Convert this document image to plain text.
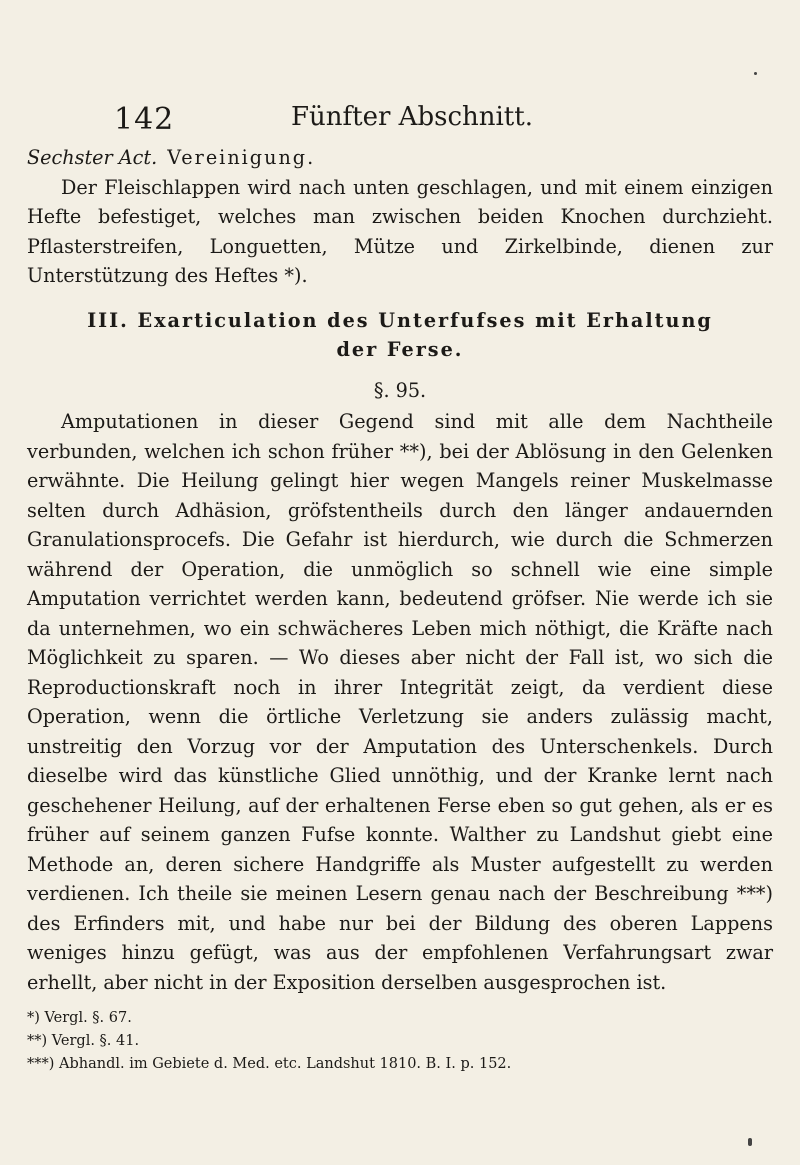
142	Fünfter Abschnitt.

Sechster Act. Vereinigung.

Der Fleischlappen wird nach unten geschlagen, und mit einem einzigen Hefte befestiget, welches man zwischen beiden Knochen durchzieht. Pflasterstreifen, Longuetten, Mütze und Zirkelbinde, dienen zur Unterstützung des Heftes *).

III. Exarticulation des Unterfufses mit Erhaltung
der Ferse.
§. 95.

Amputationen in dieser Gegend sind mit alle dem Nachtheile verbunden, welchen ich schon früher **), bei der Ablösung in den Gelenken erwähnte. Die Heilung gelingt hier wegen Mangels reiner Muskelmasse selten durch Adhäsion, gröfstentheils durch den länger andauernden Granulationsprocefs. Die Gefahr ist hierdurch, wie durch die Schmerzen während der Operation, die unmöglich so schnell wie eine simple Amputation verrichtet werden kann, bedeutend gröfser. Nie werde ich sie da unternehmen, wo ein schwächeres Leben mich nöthigt, die Kräfte nach Möglichkeit zu sparen. — Wo dieses aber nicht der Fall ist, wo sich die Reproductionskraft noch in ihrer Integrität zeigt, da verdient diese Operation, wenn die örtliche Verletzung sie anders zulässig macht, unstreitig den Vorzug vor der Amputation des Unterschenkels. Durch dieselbe wird das künstliche Glied unnöthig, und der Kranke lernt nach geschehener Heilung, auf der erhaltenen Ferse eben so gut gehen, als er es früher auf seinem ganzen Fufse konnte. Walther zu Landshut giebt eine Methode an, deren sichere Handgriffe als Muster aufgestellt zu werden verdienen. Ich theile sie meinen Lesern genau nach der Beschreibung ***) des Erfinders mit, und habe nur bei der Bildung des oberen Lappens weniges hinzu gefügt, was aus der empfohlenen Verfahrungsart zwar erhellt, aber nicht in der Exposition derselben ausgesprochen ist.

*) Vergl. §. 67.
**) Vergl. §. 41.
***) Abhandl. im Gebiete d. Med. etc. Landshut 1810. B. I. p. 152.
